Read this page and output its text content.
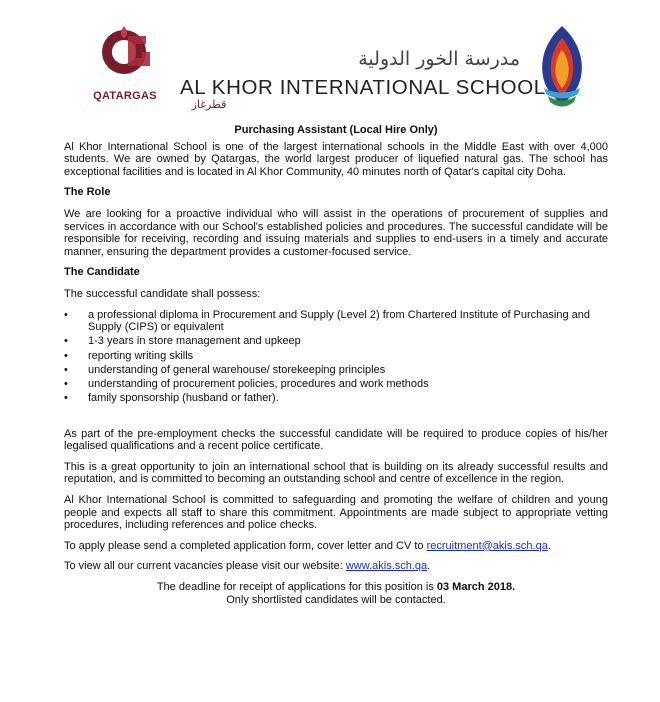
قطرغاز
QATARGAS
مدرسة الخور الدولية
AL KHOR INTERNATIONAL SCHOOL
Purchasing Assistant (Local Hire Only)

Al Khor International School is one of the largest international schools in the Middle East with over 4,000 students. We are owned by Qatargas, the world largest producer of liquefied natural gas. The school has exceptional facilities and is located in Al Khor Community, 40 minutes north of Qatar's capital city Doha.

The Role

We are looking for a proactive individual who will assist in the operations of procurement of supplies and services in accordance with our School's established policies and procedures. The successful candidate will be responsible for receiving, recording and issuing materials and supplies to end-users in a timely and accurate manner, ensuring the department provides a customer-focused service.

The Candidate

The successful candidate shall possess:

• a professional diploma in Procurement and Supply (Level 2) from Chartered Institute of Purchasing and Supply (CIPS) or equivalent
• 1-3 years in store management and upkeep
• reporting writing skills
• understanding of general warehouse/ storekeeping principles
• understanding of procurement policies, procedures and work methods
• family sponsorship (husband or father).

As part of the pre-employment checks the successful candidate will be required to produce copies of his/her legalised qualifications and a recent police certificate.

This is a great opportunity to join an international school that is building on its already successful results and reputation, and is committed to becoming an outstanding school and centre of excellence in the region.

Al Khor International School is committed to safeguarding and promoting the welfare of children and young people and expects all staff to share this commitment. Appointments are made subject to appropriate vetting procedures, including references and police checks.

To apply please send a completed application form, cover letter and CV to recruitment@akis.sch.qa.

To view all our current vacancies please visit our website: www.akis.sch.qa.

The deadline for receipt of applications for this position is 03 March 2018.
Only shortlisted candidates will be contacted.
